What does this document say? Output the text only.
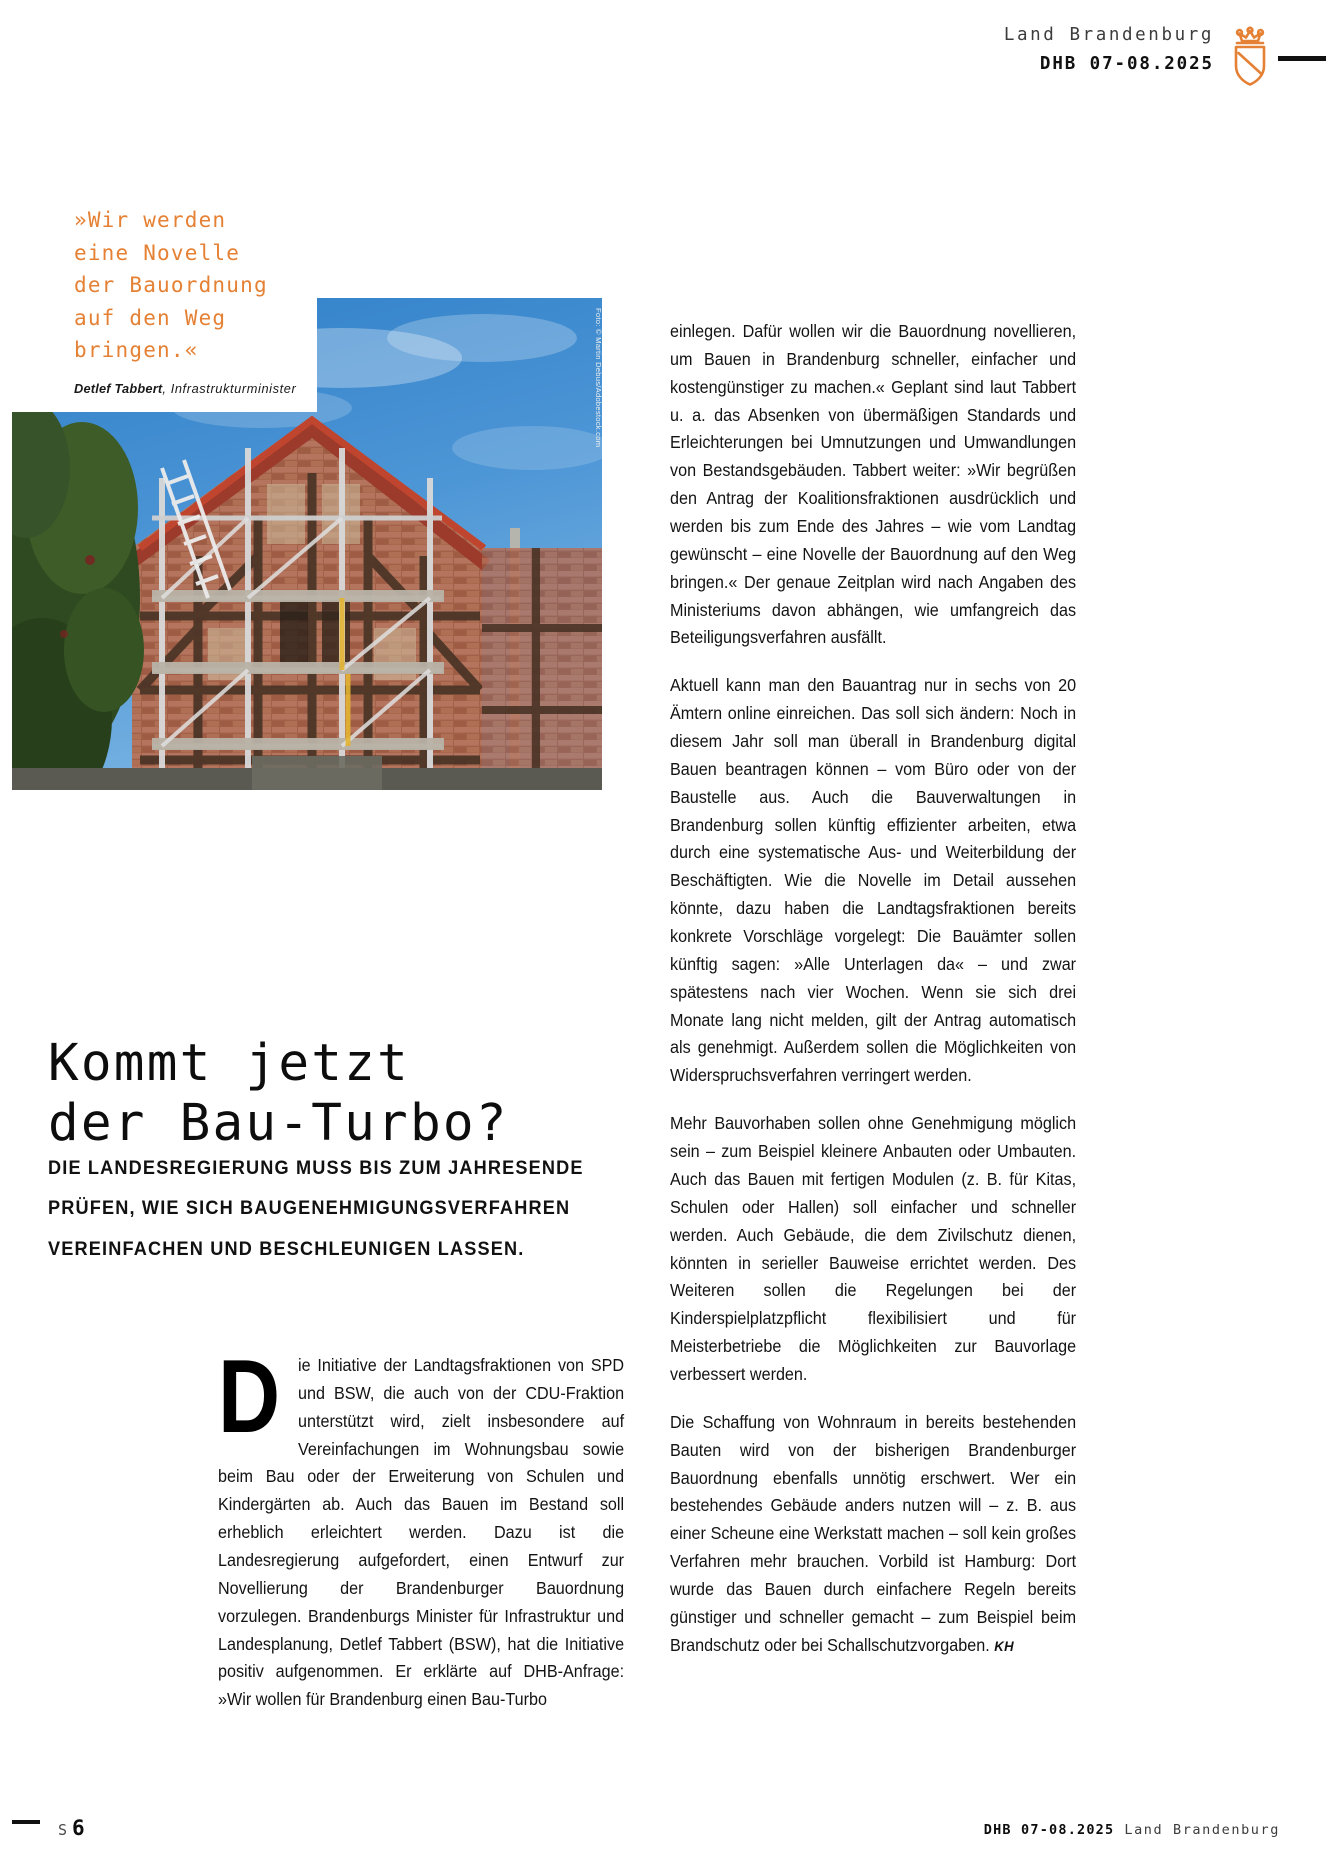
Land Brandenburg
DHB 07-08.2025
Foto: © Martin Debus/Adobestock.com
»Wir werden
eine Novelle
der Bauordnung
auf den Weg
bringen.«
Detlef Tabbert, Infrastrukturminister
Kommt jetzt
der Bau-Turbo?
DIE LANDESREGIERUNG MUSS BIS ZUM JAHRESENDE PRÜFEN, WIE SICH BAUGENEHMIGUNGSVERFAHREN VEREINFACHEN UND BESCHLEUNIGEN LASSEN.

D ie Initiative der Landtagsfraktionen von SPD und BSW, die auch von der CDU-Fraktion unterstützt wird, zielt insbesondere auf Vereinfachungen im Wohnungsbau sowie beim Bau oder der Erweiterung von Schulen und Kindergärten ab. Auch das Bauen im Bestand soll erheblich erleichtert werden. Dazu ist die Landesregierung aufgefordert, einen Entwurf zur Novellierung der Brandenburger Bauordnung vorzulegen. Brandenburgs Minister für Infrastruktur und Landesplanung, Detlef Tabbert (BSW), hat die Initiative positiv aufgenommen. Er erklärte auf DHB-Anfrage: »Wir wollen für Brandenburg einen Bau-Turbo

einlegen. Dafür wollen wir die Bauordnung novellieren, um Bauen in Brandenburg schneller, einfacher und kostengünstiger zu machen.« Geplant sind laut Tabbert u. a. das Absenken von übermäßigen Standards und Erleichterungen bei Umnutzungen und Umwandlungen von Bestandsgebäuden. Tabbert weiter: »Wir begrüßen den Antrag der Koalitionsfraktionen ausdrücklich und werden bis zum Ende des Jahres – wie vom Landtag gewünscht – eine Novelle der Bauordnung auf den Weg bringen.« Der genaue Zeitplan wird nach Angaben des Ministeriums davon abhängen, wie umfangreich das Beteiligungsverfahren ausfällt.

Aktuell kann man den Bauantrag nur in sechs von 20 Ämtern online einreichen. Das soll sich ändern: Noch in diesem Jahr soll man überall in Brandenburg digital Bauen beantragen können – vom Büro oder von der Baustelle aus. Auch die Bauverwaltungen in Brandenburg sollen künftig effizienter arbeiten, etwa durch eine systematische Aus- und Weiterbildung der Beschäftigten. Wie die Novelle im Detail aussehen könnte, dazu haben die Landtagsfraktionen bereits konkrete Vorschläge vorgelegt: Die Bauämter sollen künftig sagen: »Alle Unterlagen da« – und zwar spätestens nach vier Wochen. Wenn sie sich drei Monate lang nicht melden, gilt der Antrag automatisch als genehmigt. Außerdem sollen die Möglichkeiten von Widerspruchsverfahren verringert werden.

Mehr Bauvorhaben sollen ohne Genehmigung möglich sein – zum Beispiel kleinere Anbauten oder Umbauten. Auch das Bauen mit fertigen Modulen (z. B. für Kitas, Schulen oder Hallen) soll einfacher und schneller werden. Auch Gebäude, die dem Zivilschutz dienen, könnten in serieller Bauweise errichtet werden. Des Weiteren sollen die Regelungen bei der Kinderspielplatzpflicht flexibilisiert und für Meisterbetriebe die Möglichkeiten zur Bauvorlage verbessert werden.

Die Schaffung von Wohnraum in bereits bestehenden Bauten wird von der bisherigen Brandenburger Bauordnung ebenfalls unnötig erschwert. Wer ein bestehendes Gebäude anders nutzen will – z. B. aus einer Scheune eine Werkstatt machen – soll kein großes Verfahren mehr brauchen. Vorbild ist Hamburg: Dort wurde das Bauen durch einfachere Regeln bereits günstiger und schneller gemacht – zum Beispiel beim Brandschutz oder bei Schallschutzvorgaben. KH

S 6	DHB 07-08.2025 Land Brandenburg
